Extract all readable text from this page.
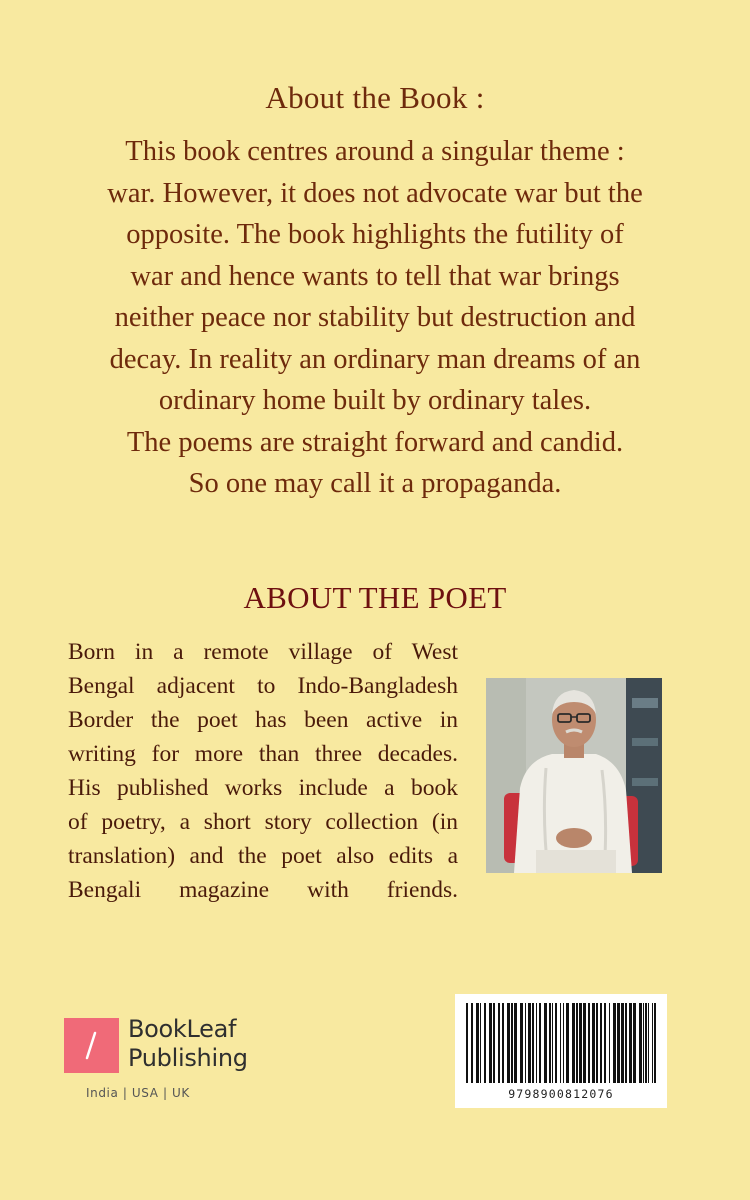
About the Book :
This book centres around a singular theme :
war. However, it does not advocate war but the
opposite. The book highlights the futility of
war and hence wants to tell that war brings
neither peace nor stability but destruction and
decay. In reality an ordinary man dreams of an
ordinary home built by ordinary tales.
The poems are straight forward and candid.
So one may call it a propaganda.
ABOUT THE POET
Born in a remote village of West
Bengal adjacent to Indo-Bangladesh
Border the poet has been active in
writing for more than three decades.
His published works include a book
of poetry, a short story collection (in
translation) and the poet also edits a
Bengali magazine with friends.
BookLeaf
Publishing
India | USA | UK	9798900812076
